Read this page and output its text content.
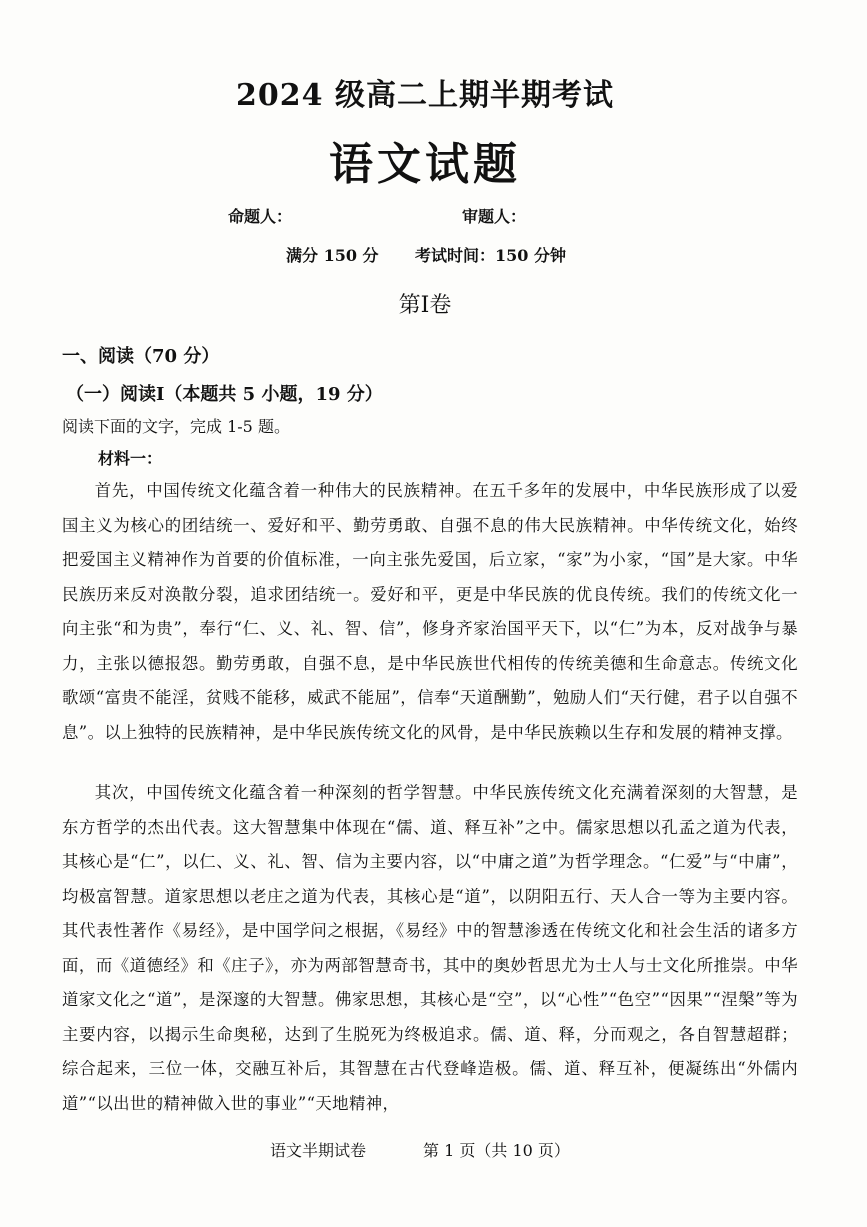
2024 级高二上期半期考试
语文试题
命题人：	审题人：
满分 150 分 考试时间：150 分钟
第Ⅰ卷
一、阅读（70 分）
（一）阅读Ⅰ（本题共 5 小题，19 分）
阅读下面的文字，完成 1-5 题。
材料一：

首先，中国传统文化蕴含着一种伟大的民族精神。在五千多年的发展中，中华民族形成了以爱国主义为核心的团结统一、爱好和平、勤劳勇敢、自强不息的伟大民族精神。中华传统文化，始终把爱国主义精神作为首要的价值标准，一向主张先爱国，后立家，“家”为小家，“国”是大家。中华民族历来反对涣散分裂，追求团结统一。爱好和平，更是中华民族的优良传统。我们的传统文化一向主张“和为贵”，奉行“仁、义、礼、智、信”，修身齐家治国平天下，以“仁”为本，反对战争与暴力，主张以德报怨。勤劳勇敢，自强不息，是中华民族世代相传的传统美德和生命意志。传统文化歌颂“富贵不能淫，贫贱不能移，威武不能屈”，信奉“天道酬勤”，勉励人们“天行健，君子以自强不息”。以上独特的民族精神，是中华民族传统文化的风骨，是中华民族赖以生存和发展的精神支撑。

其次，中国传统文化蕴含着一种深刻的哲学智慧。中华民族传统文化充满着深刻的大智慧，是东方哲学的杰出代表。这大智慧集中体现在“儒、道、释互补”之中。儒家思想以孔孟之道为代表，其核心是“仁”，以仁、义、礼、智、信为主要内容，以“中庸之道”为哲学理念。“仁爱”与“中庸”，均极富智慧。道家思想以老庄之道为代表，其核心是“道”，以阴阳五行、天人合一等为主要内容。其代表性著作《易经》，是中国学问之根据，《易经》中的智慧渗透在传统文化和社会生活的诸多方面，而《道德经》和《庄子》，亦为两部智慧奇书，其中的奥妙哲思尤为士人与士文化所推崇。中华道家文化之“道”，是深邃的大智慧。佛家思想，其核心是“空”，以“心性”“色空”“因果”“涅槃”等为主要内容，以揭示生命奥秘，达到了生脱死为终极追求。儒、道、释，分而观之，各自智慧超群；综合起来，三位一体，交融互补后，其智慧在古代登峰造极。儒、道、释互补，便凝练出“外儒内道”“以出世的精神做入世的事业”“天地精神，

语文半期试卷	第 1 页（共 10 页）
